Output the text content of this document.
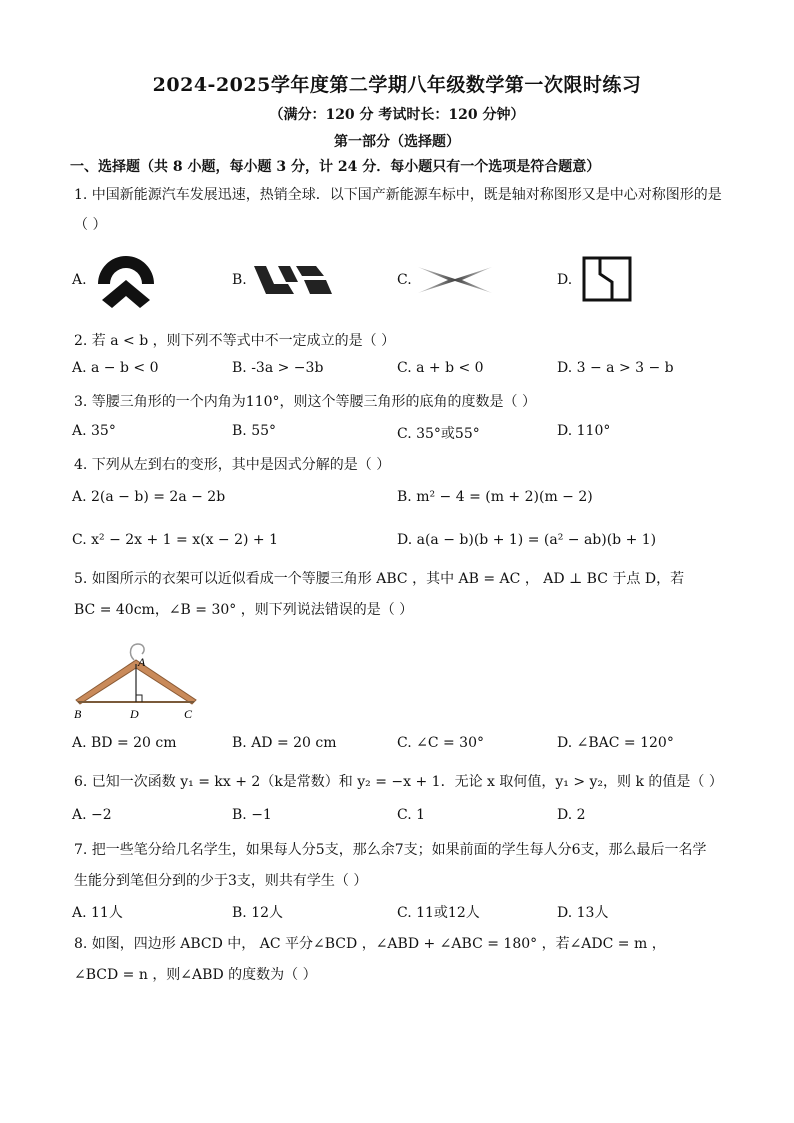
2024-2025学年度第二学期八年级数学第一次限时练习
（满分：120 分 考试时长：120 分钟）
第一部分（选择题）
一、选择题（共 8 小题，每小题 3 分，计 24 分．每小题只有一个选项是符合题意）
1. 中国新能源汽车发展迅速，热销全球．以下国产新能源车标中，既是轴对称图形又是中心对称图形的是
（ ）
A.	B.	C.	D.
2. 若 a < b ，则下列不等式中不一定成立的是（ ）
A. a − b < 0	B. -3a > −3b	C. a + b < 0	D. 3 − a > 3 − b
3. 等腰三角形的一个内角为110°，则这个等腰三角形的底角的度数是（ ）
A. 35°	B. 55°	C. 35°或55°	D. 110°
4. 下列从左到右的变形，其中是因式分解的是（ ）
A. 2(a − b) = 2a − 2b	B. m² − 4 = (m + 2)(m − 2)
C. x² − 2x + 1 = x(x − 2) + 1	D. a(a − b)(b + 1) = (a² − ab)(b + 1)
5. 如图所示的衣架可以近似看成一个等腰三角形 ABC ，其中 AB = AC ， AD ⊥ BC 于点 D，若
BC = 40cm，∠B = 30° ，则下列说法错误的是（ ）
A
B	D	C
A. BD = 20 cm	B. AD = 20 cm	C. ∠C = 30°	D. ∠BAC = 120°
6. 已知一次函数 y₁ = kx + 2（k是常数）和 y₂ = −x + 1．无论 x 取何值，y₁ > y₂，则 k 的值是（ ）
A. −2	B. −1	C. 1	D. 2
7. 把一些笔分给几名学生，如果每人分5支，那么余7支；如果前面的学生每人分6支，那么最后一名学
生能分到笔但分到的少于3支，则共有学生（ ）
A. 11人	B. 12人	C. 11或12人	D. 13人
8. 如图，四边形 ABCD 中， AC 平分∠BCD ，∠ABD + ∠ABC = 180° ，若∠ADC = m ，
∠BCD = n ，则∠ABD 的度数为（ ）
